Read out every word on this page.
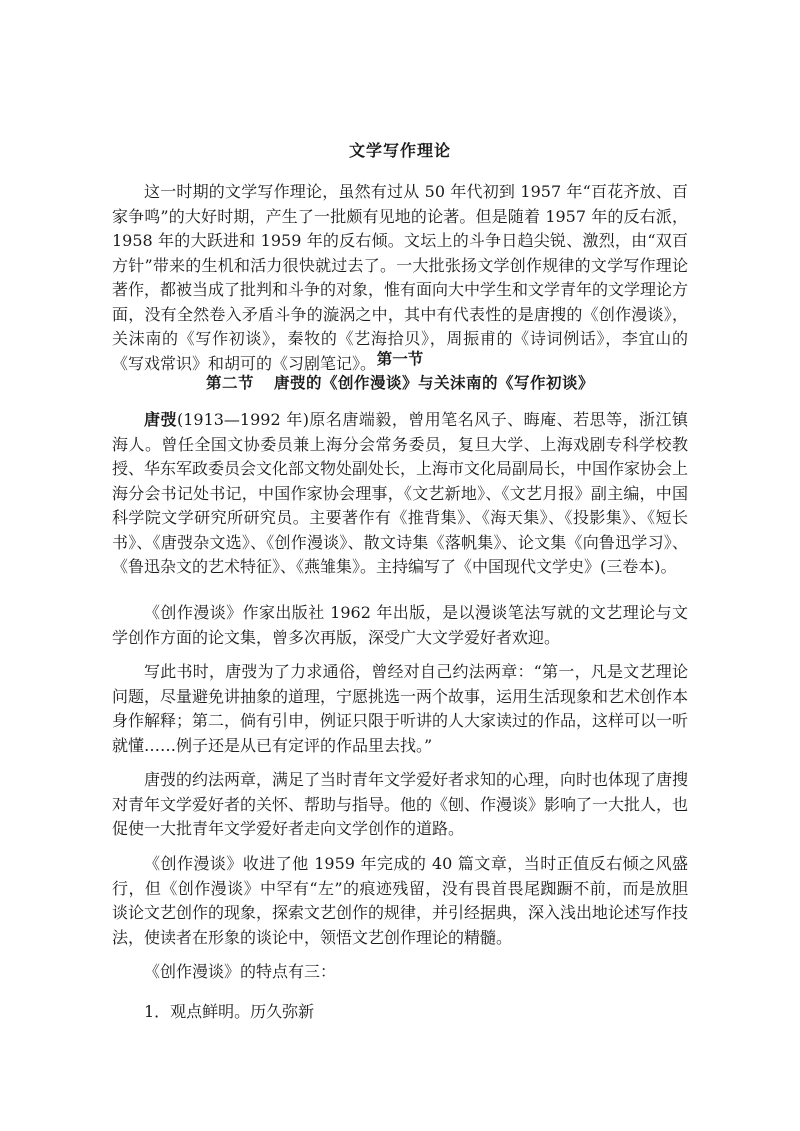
文学写作理论

这一时期的文学写作理论，虽然有过从 50 年代初到 1957 年“百花齐放、百家争鸣”的大好时期，产生了一批颇有见地的论著。但是随着 1957 年的反右派，1958 年的大跃进和 1959 年的反右倾。文坛上的斗争日趋尖锐、激烈，由“双百方针”带来的生机和活力很快就过去了。一大批张扬文学创作规律的文学写作理论著作，都被当成了批判和斗争的对象，惟有面向大中学生和文学青年的文学理论方面，没有全然卷入矛盾斗争的漩涡之中，其中有代表性的是唐搜的《创作漫谈》，关沫南的《写作初谈》，秦牧的《艺海拾贝》，周振甫的《诗词例话》，李宜山的《写戏常识》和胡可的《习剧笔记》。 第一节
第二节 唐弢的《创作漫谈》与关沫南的《写作初谈》

唐弢(1913—1992 年)原名唐端毅，曾用笔名风子、晦庵、若思等，浙江镇海人。曾任全国文协委员兼上海分会常务委员，复旦大学、上海戏剧专科学校教授、华东军政委员会文化部文物处副处长，上海市文化局副局长，中国作家协会上海分会书记处书记，中国作家协会理事，《文艺新地》、《文艺月报》副主编，中国科学院文学研究所研究员。主要著作有《推背集》、《海天集》、《投影集》、《短长书》、《唐弢杂文选》、《创作漫谈》、散文诗集《落帆集》、论文集《向鲁迅学习》、《鲁迅杂文的艺术特征》、《燕雏集》。主持编写了《中国现代文学史》(三卷本)。

《创作漫谈》作家出版社 1962 年出版，是以漫谈笔法写就的文艺理论与文学创作方面的论文集，曾多次再版，深受广大文学爱好者欢迎。

写此书时，唐弢为了力求通俗，曾经对自己约法两章：“第一，凡是文艺理论问题，尽量避免讲抽象的道理，宁愿挑选一两个故事，运用生活现象和艺术创作本身作解释；第二，倘有引申，例证只限于听讲的人大家读过的作品，这样可以一听就懂……例子还是从已有定评的作品里去找。”

唐弢的约法两章，满足了当时青年文学爱好者求知的心理，向时也体现了唐搜对青年文学爱好者的关怀、帮助与指导。他的《刨、作漫谈》影响了一大批人，也促使一大批青年文学爱好者走向文学创作的道路。

《创作漫谈》收进了他 1959 年完成的 40 篇文章，当时正值反右倾之风盛行，但《创作漫谈》中罕有“左”的痕迹残留，没有畏首畏尾踟蹰不前，而是放胆谈论文艺创作的现象，探索文艺创作的规律，并引经据典，深入浅出地论述写作技法，使读者在形象的谈论中，领悟文艺创作理论的精髓。

《创作漫谈》的特点有三：

1．观点鲜明。历久弥新
